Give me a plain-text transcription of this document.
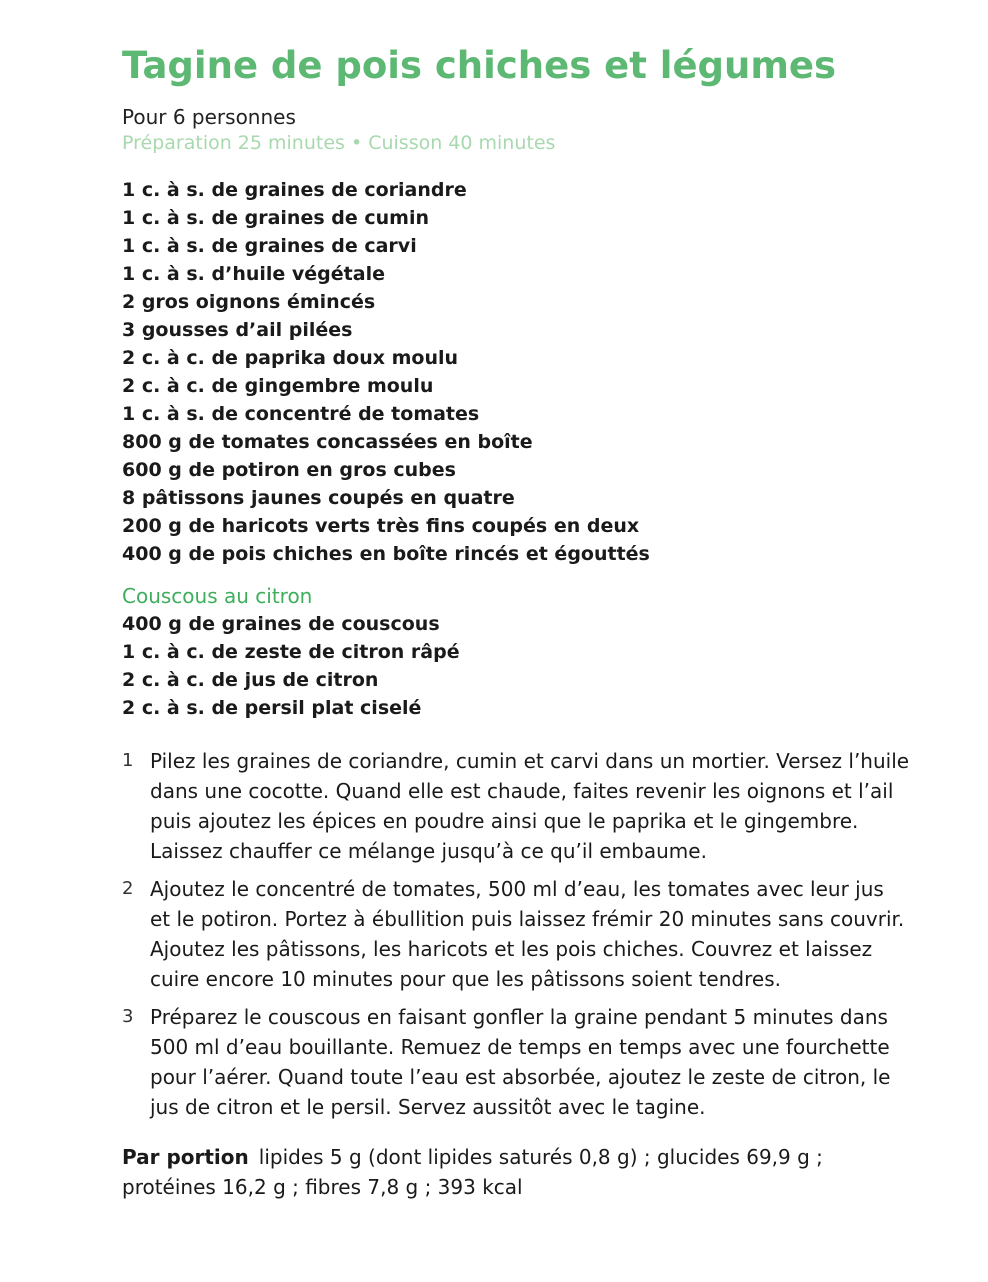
Tagine de pois chiches et légumes
Pour 6 personnes
Préparation 25 minutes • Cuisson 40 minutes
1 c. à s. de graines de coriandre
1 c. à s. de graines de cumin
1 c. à s. de graines de carvi
1 c. à s. d’huile végétale
2 gros oignons émincés
3 gousses d’ail pilées
2 c. à c. de paprika doux moulu
2 c. à c. de gingembre moulu
1 c. à s. de concentré de tomates
800 g de tomates concassées en boîte
600 g de potiron en gros cubes
8 pâtissons jaunes coupés en quatre
200 g de haricots verts très fins coupés en deux
400 g de pois chiches en boîte rincés et égouttés
Couscous au citron
400 g de graines de couscous
1 c. à c. de zeste de citron râpé
2 c. à c. de jus de citron
2 c. à s. de persil plat ciselé
1 Pilez les graines de coriandre, cumin et carvi dans un mortier. Versez l’huile dans une cocotte. Quand elle est chaude, faites revenir les oignons et l’ail puis ajoutez les épices en poudre ainsi que le paprika et le gingembre. Laissez chauffer ce mélange jusqu’à ce qu’il embaume.
2 Ajoutez le concentré de tomates, 500 ml d’eau, les tomates avec leur jus et le potiron. Portez à ébullition puis laissez frémir 20 minutes sans couvrir. Ajoutez les pâtissons, les haricots et les pois chiches. Couvrez et laissez cuire encore 10 minutes pour que les pâtissons soient tendres.
3 Préparez le couscous en faisant gonfler la graine pendant 5 minutes dans 500 ml d’eau bouillante. Remuez de temps en temps avec une fourchette pour l’aérer. Quand toute l’eau est absorbée, ajoutez le zeste de citron, le jus de citron et le persil. Servez aussitôt avec le tagine.
Par portion lipides 5 g (dont lipides saturés 0,8 g) ; glucides 69,9 g ; protéines 16,2 g ; fibres 7,8 g ; 393 kcal
